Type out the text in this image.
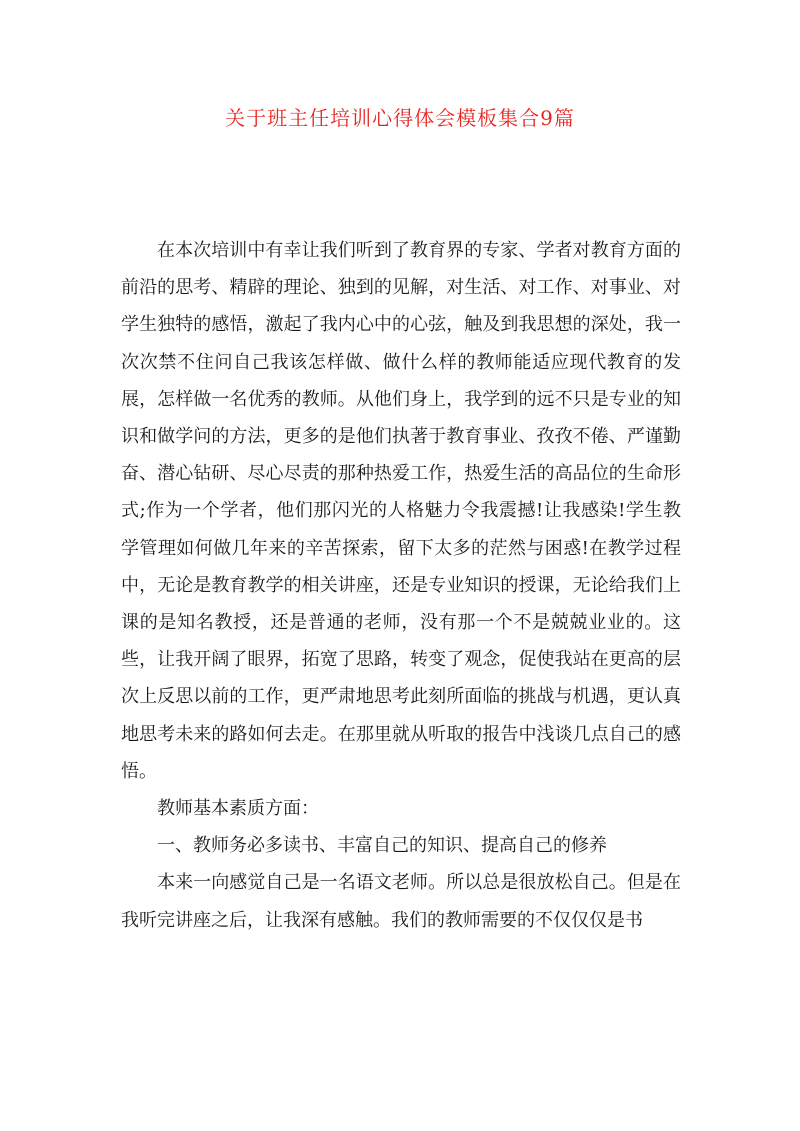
关于班主任培训心得体会模板集合9篇

在本次培训中有幸让我们听到了教育界的专家、学者对教育方面的前沿的思考、精辟的理论、独到的见解，对生活、对工作、对事业、对学生独特的感悟，激起了我内心中的心弦，触及到我思想的深处，我一次次禁不住问自己我该怎样做、做什么样的教师能适应现代教育的发展，怎样做一名优秀的教师。从他们身上，我学到的远不只是专业的知识和做学问的方法，更多的是他们执著于教育事业、孜孜不倦、严谨勤奋、潜心钻研、尽心尽责的那种热爱工作，热爱生活的高品位的生命形式;作为一个学者，他们那闪光的人格魅力令我震撼!让我感染!学生教学管理如何做几年来的辛苦探索，留下太多的茫然与困惑!在教学过程中，无论是教育教学的相关讲座，还是专业知识的授课，无论给我们上课的是知名教授，还是普通的老师，没有那一个不是兢兢业业的。这些，让我开阔了眼界，拓宽了思路，转变了观念，促使我站在更高的层次上反思以前的工作，更严肃地思考此刻所面临的挑战与机遇，更认真地思考未来的路如何去走。在那里就从听取的报告中浅谈几点自己的感悟。

教师基本素质方面：

一、教师务必多读书、丰富自己的知识、提高自己的修养

本来一向感觉自己是一名语文老师。所以总是很放松自己。但是在我听完讲座之后，让我深有感触。我们的教师需要的不仅仅仅是书
